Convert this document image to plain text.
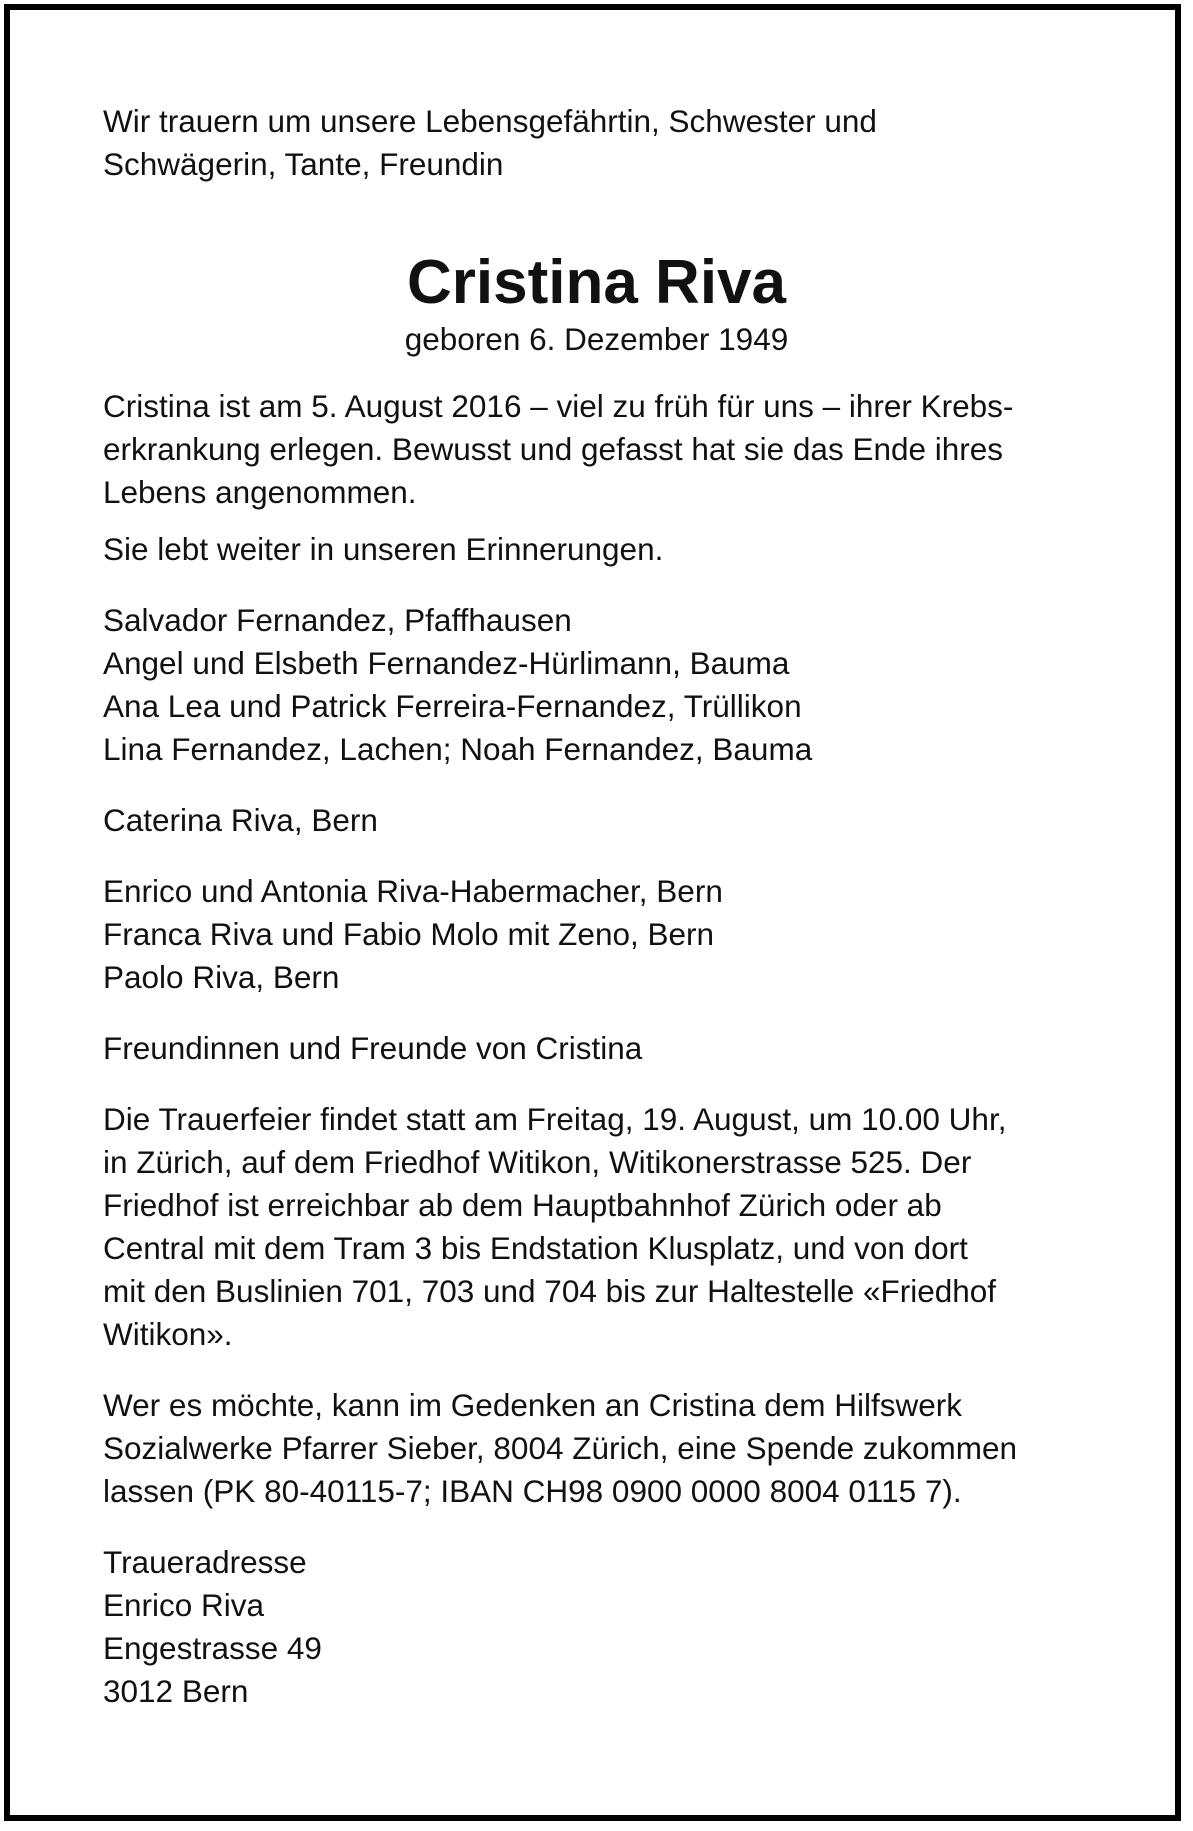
Wir trauern um unsere Lebensgefährtin, Schwester und
Schwägerin, Tante, Freundin

Cristina Riva

geboren 6. Dezember 1949

Cristina ist am 5. August 2016 – viel zu früh für uns – ihrer Krebs-
erkrankung erlegen. Bewusst und gefasst hat sie das Ende ihres
Lebens angenommen.

Sie lebt weiter in unseren Erinnerungen.

Salvador Fernandez, Pfaffhausen
Angel und Elsbeth Fernandez-Hürlimann, Bauma
Ana Lea und Patrick Ferreira-Fernandez, Trüllikon
Lina Fernandez, Lachen; Noah Fernandez, Bauma

Caterina Riva, Bern

Enrico und Antonia Riva-Habermacher, Bern
Franca Riva und Fabio Molo mit Zeno, Bern
Paolo Riva, Bern

Freundinnen und Freunde von Cristina

Die Trauerfeier findet statt am Freitag, 19. August, um 10.00 Uhr,
in Zürich, auf dem Friedhof Witikon, Witikonerstrasse 525. Der
Friedhof ist erreichbar ab dem Hauptbahnhof Zürich oder ab
Central mit dem Tram 3 bis Endstation Klusplatz, und von dort
mit den Buslinien 701, 703 und 704 bis zur Haltestelle «Friedhof
Witikon».

Wer es möchte, kann im Gedenken an Cristina dem Hilfswerk
Sozialwerke Pfarrer Sieber, 8004 Zürich, eine Spende zukommen
lassen (PK 80-40115-7; IBAN CH98 0900 0000 8004 0115 7).

Traueradresse
Enrico Riva
Engestrasse 49
3012 Bern
